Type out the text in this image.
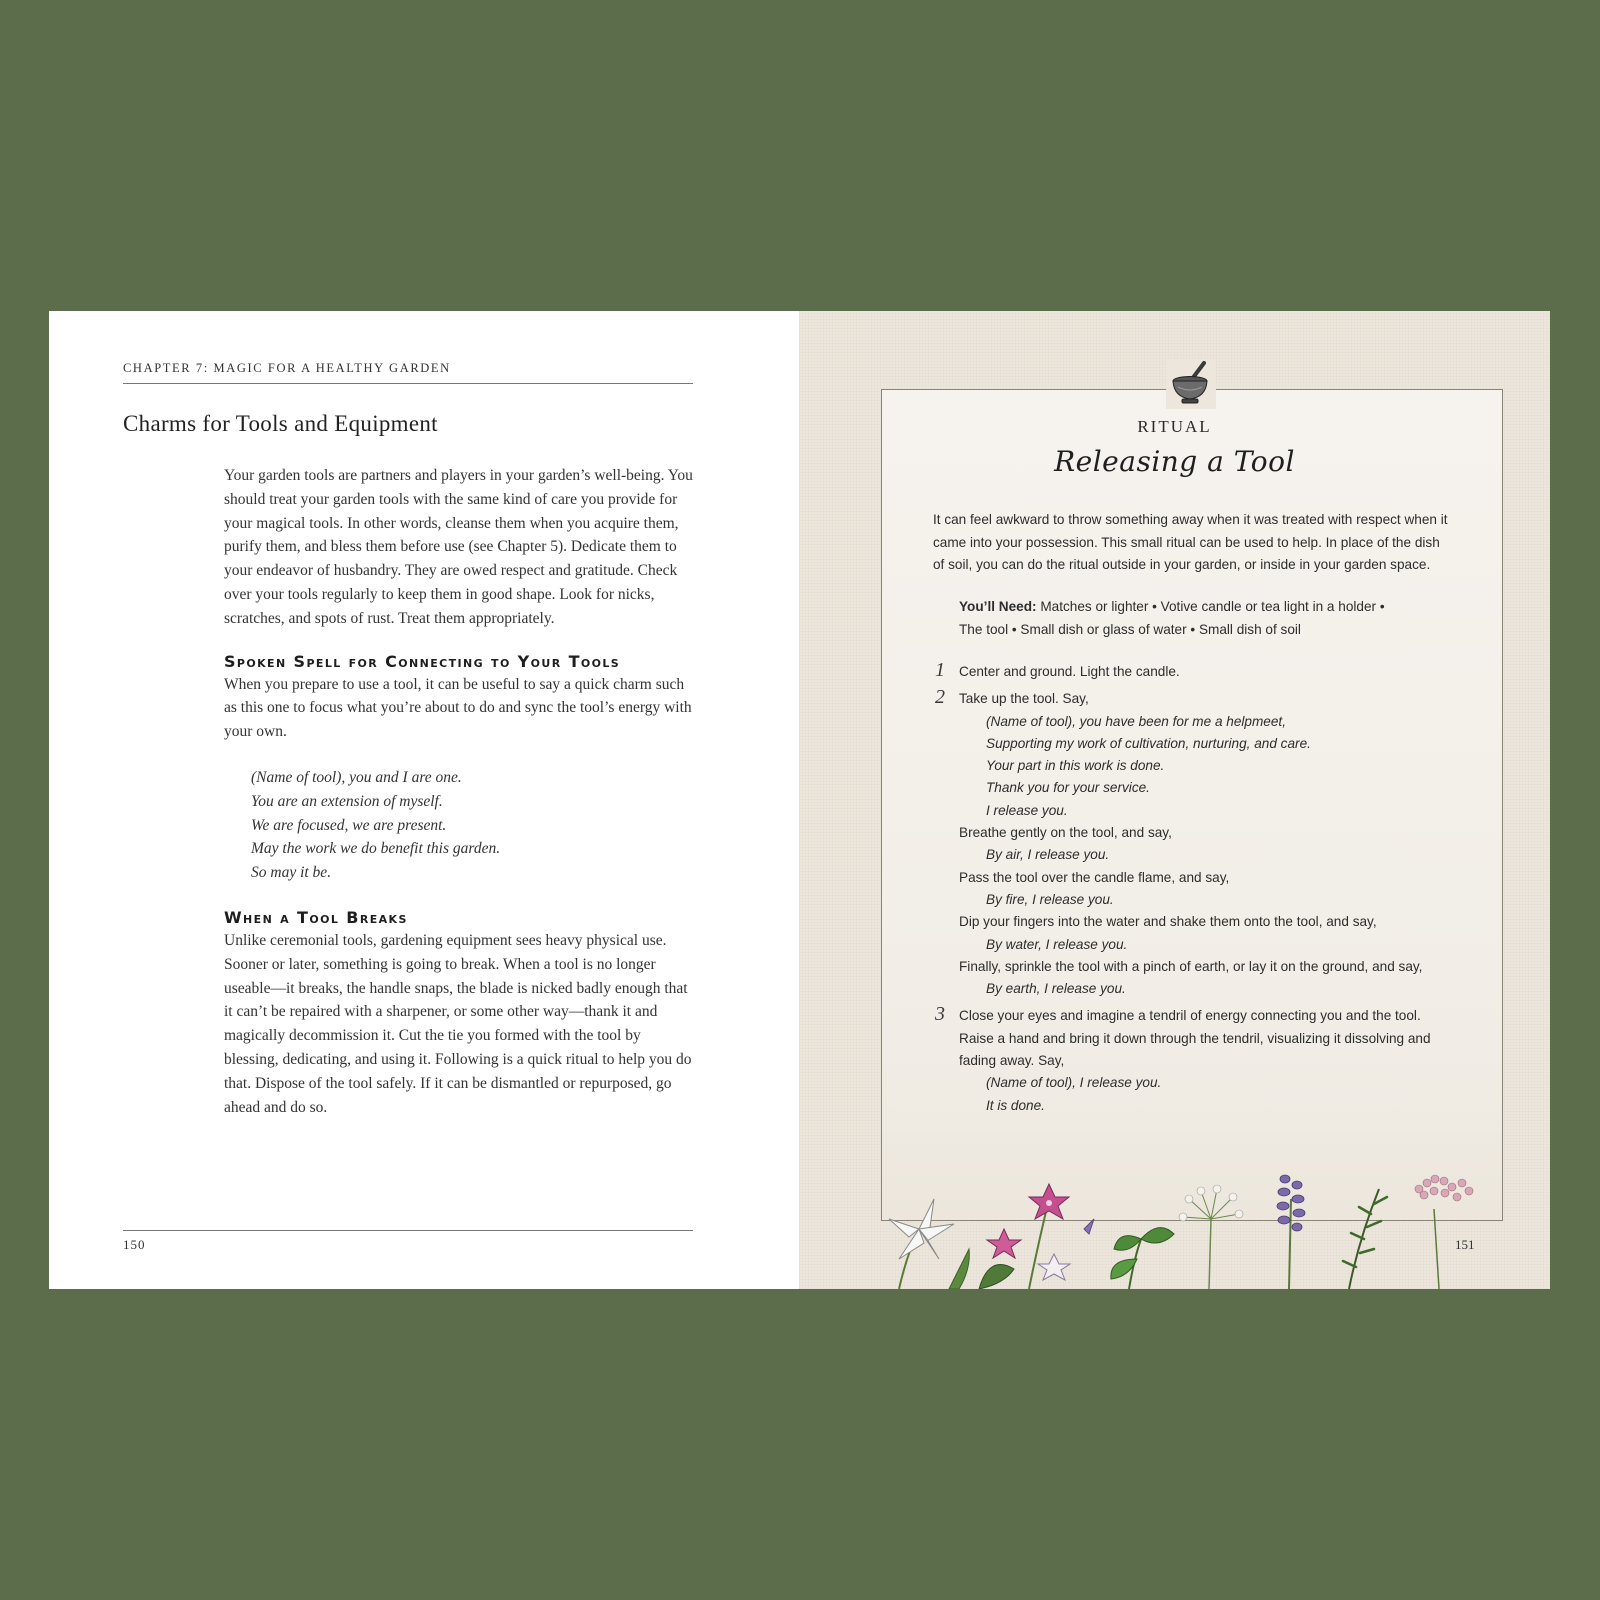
CHAPTER 7: MAGIC FOR A HEALTHY GARDEN
Charms for Tools and Equipment

Your garden tools are partners and players in your garden’s well-being. You should treat your garden tools with the same kind of care you provide for your magical tools. In other words, cleanse them when you acquire them, purify them, and bless them before use (see Chapter 5). Dedicate them to your endeavor of husbandry. They are owed respect and gratitude. Check over your tools regularly to keep them in good shape. Look for nicks, scratches, and spots of rust. Treat them appropriately.

Spoken Spell for Connecting to Your Tools

When you prepare to use a tool, it can be useful to say a quick charm such as this one to focus what you’re about to do and sync the tool’s energy with your own.

(Name of tool), you and I are one.
You are an extension of myself.
We are focused, we are present.
May the work we do benefit this garden.
So may it be.
When a Tool Breaks

Unlike ceremonial tools, gardening equipment sees heavy physical use. Sooner or later, something is going to break. When a tool is no longer useable—it breaks, the handle snaps, the blade is nicked badly enough that it can’t be repaired with a sharpener, or some other way—thank it and magically decommission it. Cut the tie you formed with the tool by blessing, dedicating, and using it. Following is a quick ritual to help you do that. Dispose of the tool safely. If it can be dismantled or repurposed, go ahead and do so.

150
RITUAL
Releasing a Tool

It can feel awkward to throw something away when it was treated with respect when it came into your possession. This small ritual can be used to help. In place of the dish of soil, you can do the ritual outside in your garden, or inside in your garden space.

You’ll Need: Matches or lighter • Votive candle or tea light in a holder •
The tool • Small dish or glass of water • Small dish of soil
1 Center and ground. Light the candle.
2 Take up the tool. Say,
(Name of tool), you have been for me a helpmeet,
Supporting my work of cultivation, nurturing, and care.
Your part in this work is done.
Thank you for your service.
I release you.
Breathe gently on the tool, and say,
By air, I release you.
Pass the tool over the candle flame, and say,
By fire, I release you.
Dip your fingers into the water and shake them onto the tool, and say,
By water, I release you.
Finally, sprinkle the tool with a pinch of earth, or lay it on the ground, and say,
By earth, I release you.
3 Close your eyes and imagine a tendril of energy connecting you and the tool.
Raise a hand and bring it down through the tendril, visualizing it dissolving and
fading away. Say,
(Name of tool), I release you.
It is done.
151
